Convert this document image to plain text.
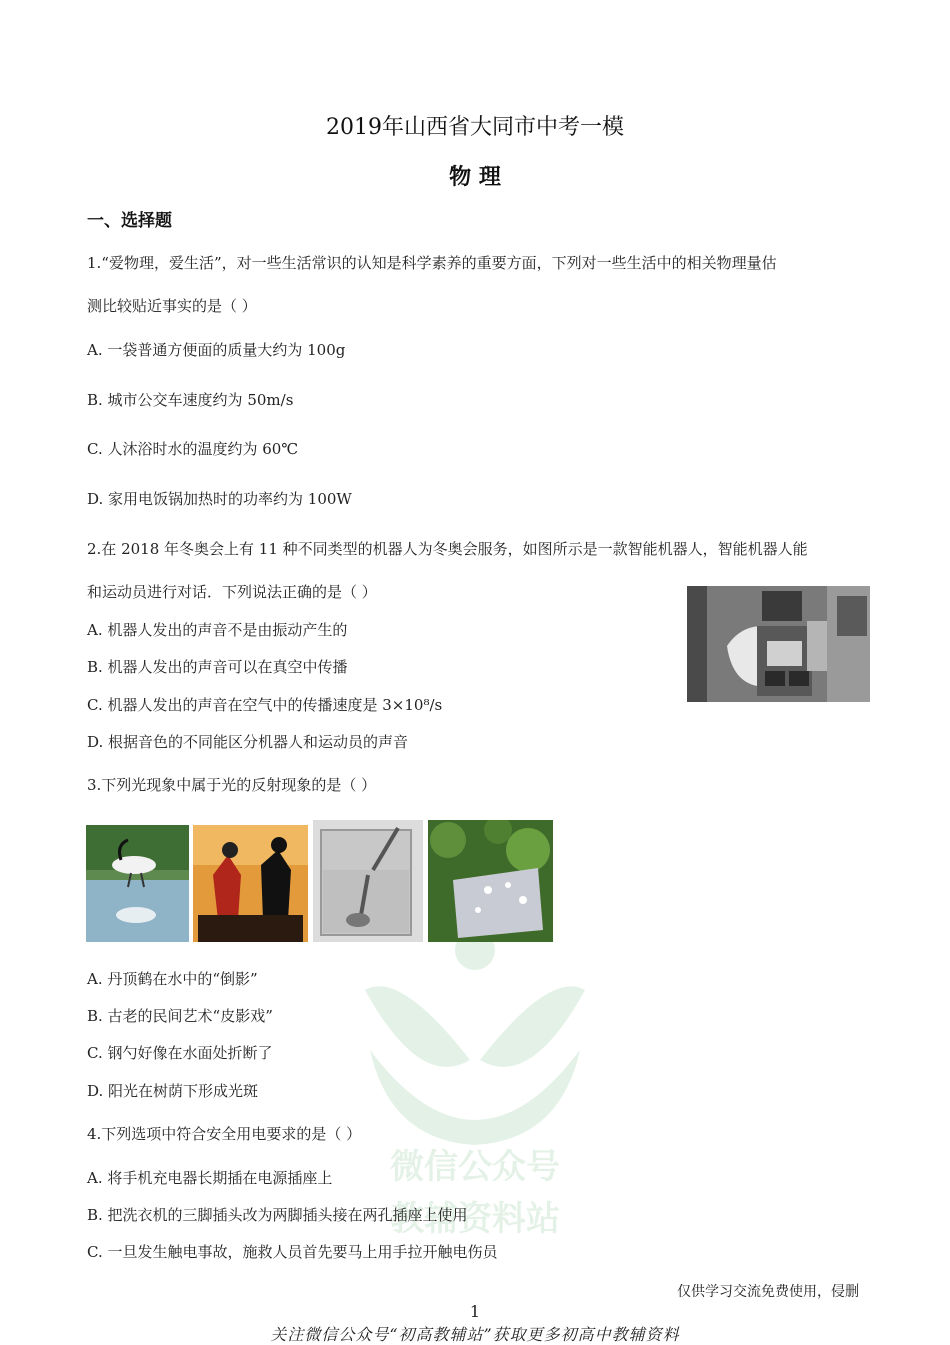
微信公众号
教辅资料站
2019年山西省大同市中考一模
物 理
一、选择题
1.“爱物理，爱生活”，对一些生活常识的认知是科学素养的重要方面，下列对一些生活中的相关物理量估
测比较贴近事实的是（ ）
A. 一袋普通方便面的质量大约为 100g
B. 城市公交车速度约为 50m/s
C. 人沐浴时水的温度约为 60℃
D. 家用电饭锅加热时的功率约为 100W
2.在 2018 年冬奥会上有 11 种不同类型的机器人为冬奥会服务，如图所示是一款智能机器人，智能机器人能
和运动员进行对话．下列说法正确的是（ ）
A. 机器人发出的声音不是由振动产生的
B. 机器人发出的声音可以在真空中传播
C. 机器人发出的声音在空气中的传播速度是 3×10⁸/s
D. 根据音色的不同能区分机器人和运动员的声音
3.下列光现象中属于光的反射现象的是（ ）
A. 丹顶鹤在水中的“倒影”
B. 古老的民间艺术“皮影戏”
C. 钢勺好像在水面处折断了
D. 阳光在树荫下形成光斑
4.下列选项中符合安全用电要求的是（ ）
A. 将手机充电器长期插在电源插座上
B. 把洗衣机的三脚插头改为两脚插头接在两孔插座上使用
C. 一旦发生触电事故，施救人员首先要马上用手拉开触电伤员
仅供学习交流免费使用，侵删
1
关注微信公众号“初高教辅站”获取更多初高中教辅资料
